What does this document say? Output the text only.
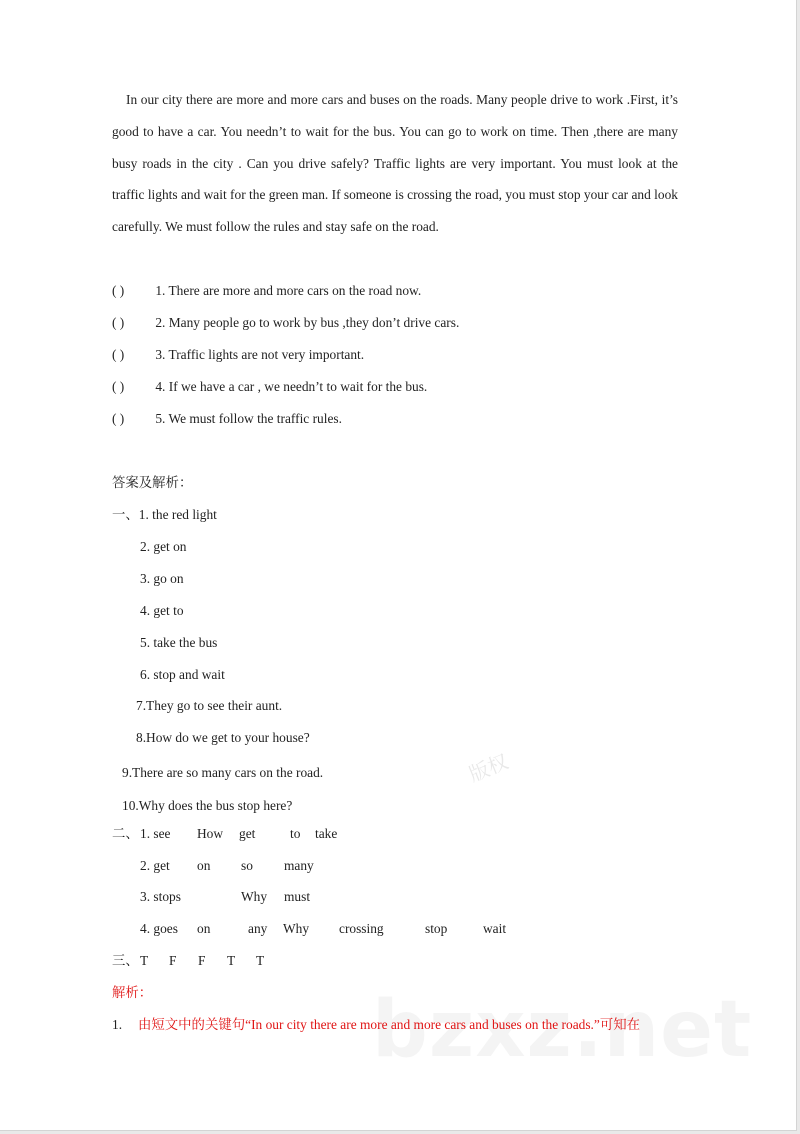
版权
In our city there are more and more cars and buses on the roads. Many people drive to work .First, it’s good to have a car. You needn’t to wait for the bus. You can go to work on time. Then ,there are many busy roads in the city . Can you drive safely? Traffic lights are very important. You must look at the traffic lights and wait for the green man. If someone is crossing the road, you must stop your car and look carefully. We must follow the rules and stay safe on the road.
( ) 1. There are more and more cars on the road now.
( ) 2. Many people go to work by bus ,they don’t drive cars.
( ) 3. Traffic lights are not very important.
( ) 4. If we have a car , we needn’t to wait for the bus.
( ) 5. We must follow the traffic rules.
答案及解析：
一、1. the red light
2. get on
3. go on
4. get to
5. take the bus
6. stop and wait
7.They go to see their aunt.
8.How do we get to your house?
9.There are so many cars on the road.
10.Why does the bus stop here?
二、1. see How get	to take
2. get on so many
3. stops	Why must
4. goes on	any Why crossing	stop	wait
三、T F F T T
解析：
1. 由短文中的关键句“In our city there are more and more cars and buses on the roads.”可知在
